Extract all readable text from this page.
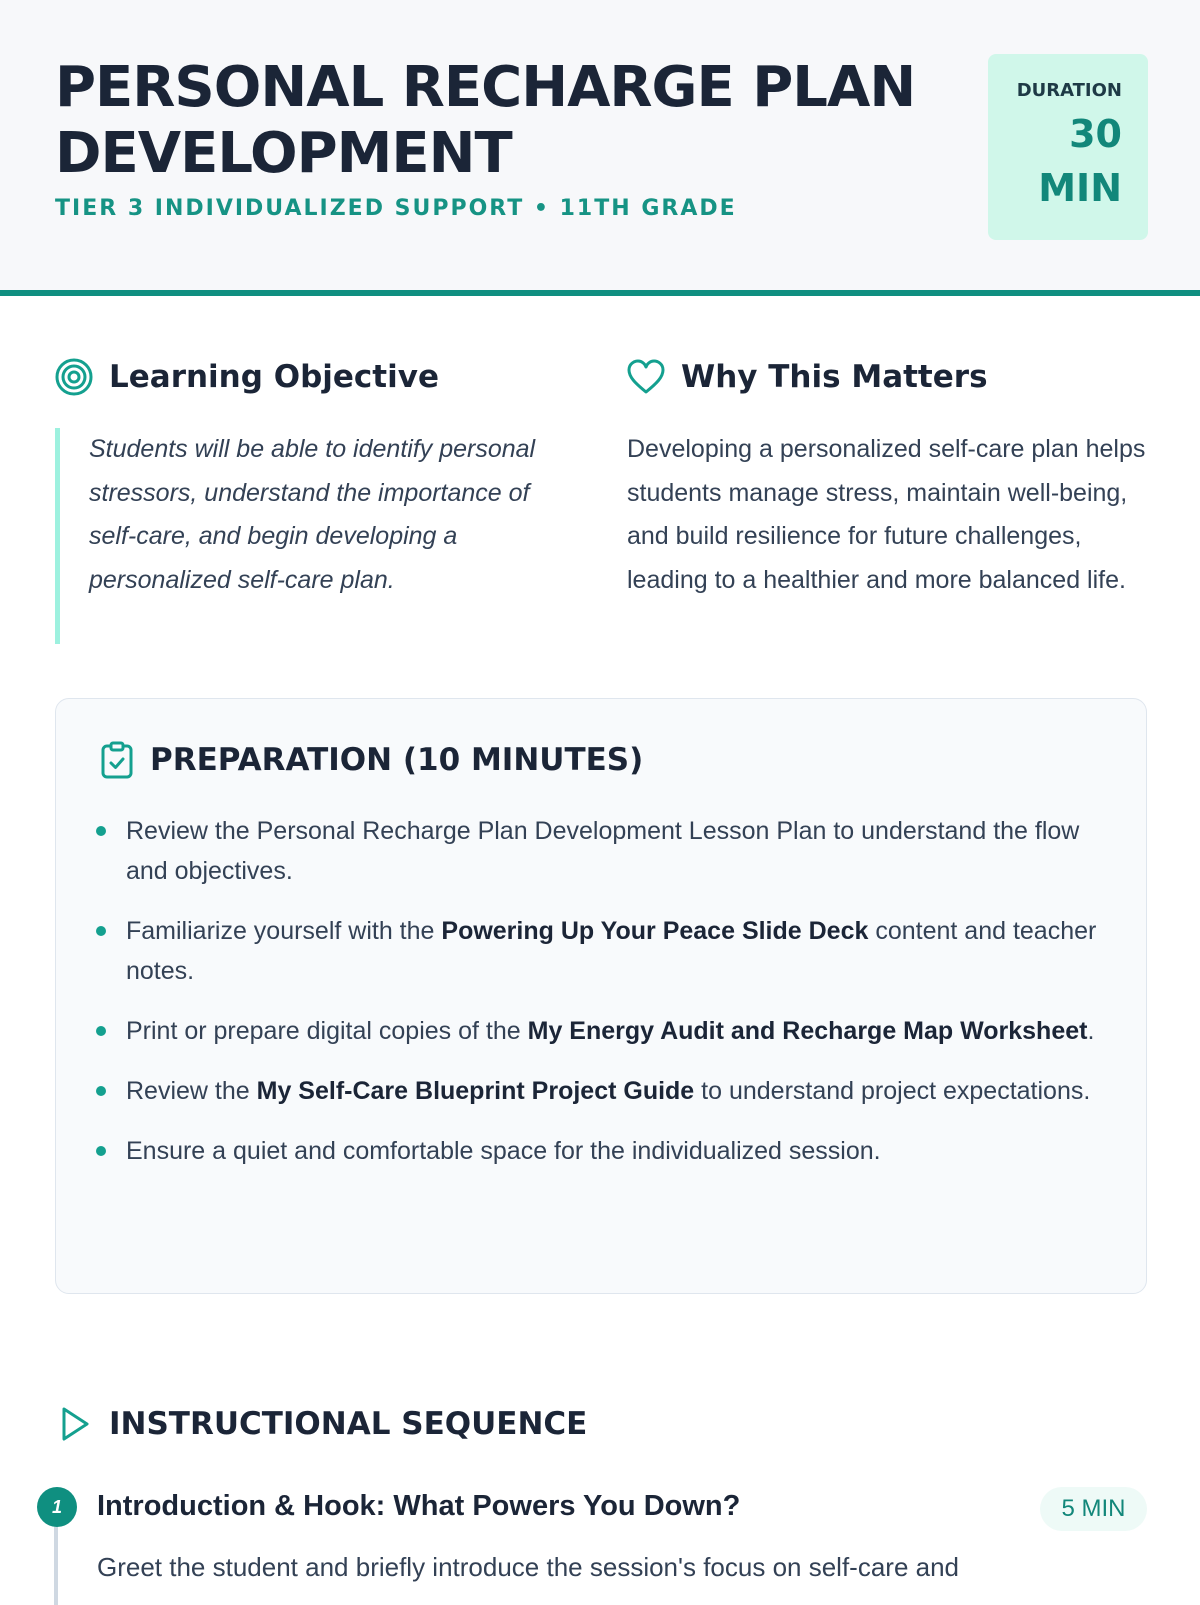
PERSONAL RECHARGE PLAN DEVELOPMENT
TIER 3 INDIVIDUALIZED SUPPORT • 11TH GRADE
DURATION
30 MIN
Learning Objective
Students will be able to identify personal stressors, understand the importance of self-care, and begin developing a personalized self-care plan.
Why This Matters
Developing a personalized self-care plan helps students manage stress, maintain well-being, and build resilience for future challenges, leading to a healthier and more balanced life.
PREPARATION (10 MINUTES)
Review the Personal Recharge Plan Development Lesson Plan to understand the flow and objectives.
Familiarize yourself with the Powering Up Your Peace Slide Deck content and teacher notes.
Print or prepare digital copies of the My Energy Audit and Recharge Map Worksheet.
Review the My Self-Care Blueprint Project Guide to understand project expectations.
Ensure a quiet and comfortable space for the individualized session.
INSTRUCTIONAL SEQUENCE
1	Introduction & Hook: What Powers You Down?	5 MIN
Greet the student and briefly introduce the session's focus on self-care and
